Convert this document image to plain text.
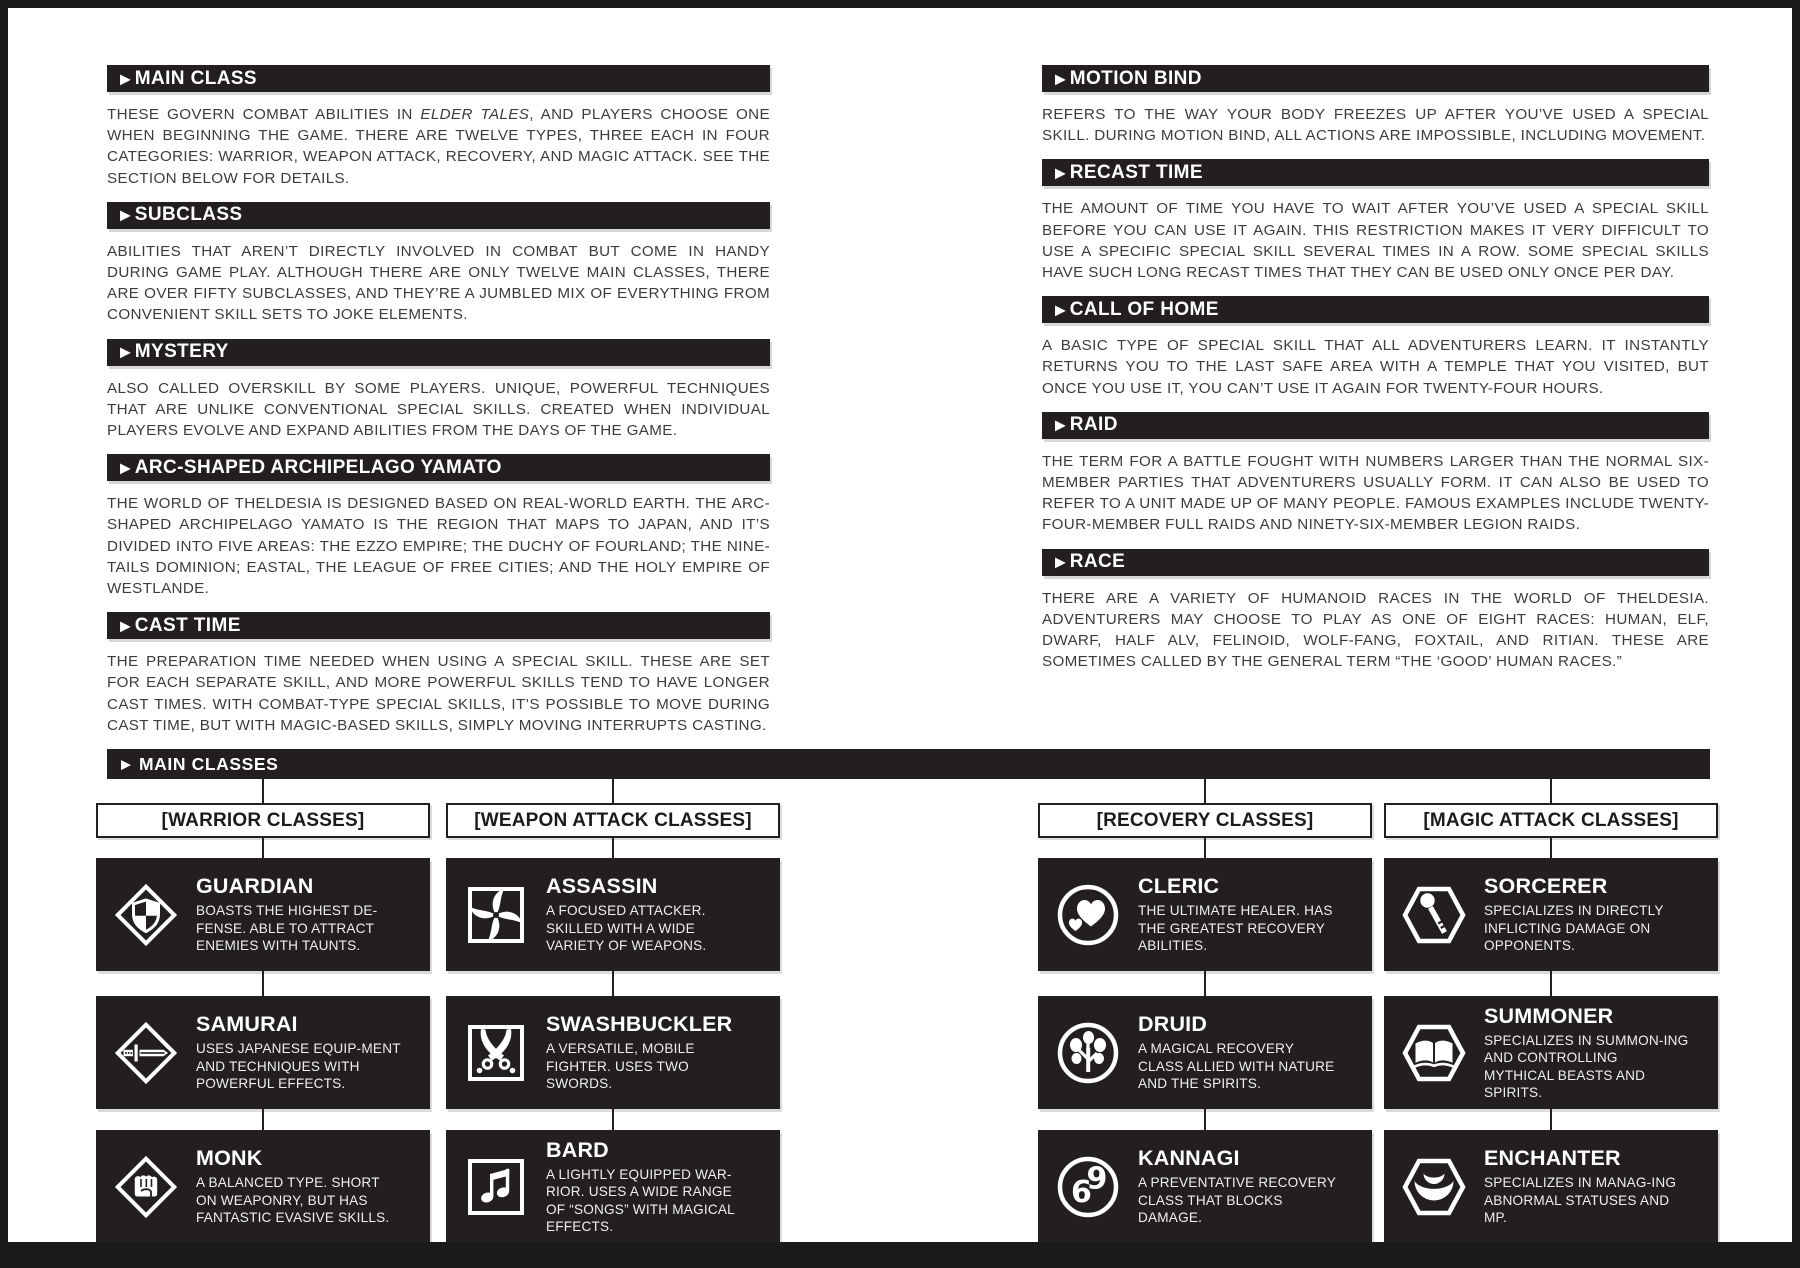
▶ MAIN CLASS

THESE GOVERN COMBAT ABILITIES IN ELDER TALES, AND PLAYERS CHOOSE ONE WHEN BEGINNING THE GAME. THERE ARE TWELVE TYPES, THREE EACH IN FOUR CATEGORIES: WARRIOR, WEAPON ATTACK, RECOVERY, AND MAGIC ATTACK. SEE THE SECTION BELOW FOR DETAILS.

▶ SUBCLASS

ABILITIES THAT AREN’T DIRECTLY INVOLVED IN COMBAT BUT COME IN HANDY DURING GAME PLAY. ALTHOUGH THERE ARE ONLY TWELVE MAIN CLASSES, THERE ARE OVER FIFTY SUBCLASSES, AND THEY’RE A JUMBLED MIX OF EVERYTHING FROM CONVENIENT SKILL SETS TO JOKE ELEMENTS.

▶ MYSTERY

ALSO CALLED OVERSKILL BY SOME PLAYERS. UNIQUE, POWERFUL TECHNIQUES THAT ARE UNLIKE CONVENTIONAL SPECIAL SKILLS. CREATED WHEN INDIVIDUAL PLAYERS EVOLVE AND EXPAND ABILITIES FROM THE DAYS OF THE GAME.

▶ ARC-SHAPED ARCHIPELAGO YAMATO

THE WORLD OF THELDESIA IS DESIGNED BASED ON REAL-WORLD EARTH. THE ARC-SHAPED ARCHIPELAGO YAMATO IS THE REGION THAT MAPS TO JAPAN, AND IT’S DIVIDED INTO FIVE AREAS: THE EZZO EMPIRE; THE DUCHY OF FOURLAND; THE NINE-TAILS DOMINION; EASTAL, THE LEAGUE OF FREE CITIES; AND THE HOLY EMPIRE OF WESTLANDE.

▶ CAST TIME

THE PREPARATION TIME NEEDED WHEN USING A SPECIAL SKILL. THESE ARE SET FOR EACH SEPARATE SKILL, AND MORE POWERFUL SKILLS TEND TO HAVE LONGER CAST TIMES. WITH COMBAT-TYPE SPECIAL SKILLS, IT’S POSSIBLE TO MOVE DURING CAST TIME, BUT WITH MAGIC-BASED SKILLS, SIMPLY MOVING INTERRUPTS CASTING.

▶ MOTION BIND

REFERS TO THE WAY YOUR BODY FREEZES UP AFTER YOU’VE USED A SPECIAL SKILL. DURING MOTION BIND, ALL ACTIONS ARE IMPOSSIBLE, INCLUDING MOVEMENT.

▶ RECAST TIME

THE AMOUNT OF TIME YOU HAVE TO WAIT AFTER YOU’VE USED A SPECIAL SKILL BEFORE YOU CAN USE IT AGAIN. THIS RESTRICTION MAKES IT VERY DIFFICULT TO USE A SPECIFIC SPECIAL SKILL SEVERAL TIMES IN A ROW. SOME SPECIAL SKILLS HAVE SUCH LONG RECAST TIMES THAT THEY CAN BE USED ONLY ONCE PER DAY.

▶ CALL OF HOME

A BASIC TYPE OF SPECIAL SKILL THAT ALL ADVENTURERS LEARN. IT INSTANTLY RETURNS YOU TO THE LAST SAFE AREA WITH A TEMPLE THAT YOU VISITED, BUT ONCE YOU USE IT, YOU CAN’T USE IT AGAIN FOR TWENTY-FOUR HOURS.

▶ RAID

THE TERM FOR A BATTLE FOUGHT WITH NUMBERS LARGER THAN THE NORMAL SIX-MEMBER PARTIES THAT ADVENTURERS USUALLY FORM. IT CAN ALSO BE USED TO REFER TO A UNIT MADE UP OF MANY PEOPLE. FAMOUS EXAMPLES INCLUDE TWENTY-FOUR-MEMBER FULL RAIDS AND NINETY-SIX-MEMBER LEGION RAIDS.

▶ RACE

THERE ARE A VARIETY OF HUMANOID RACES IN THE WORLD OF THELDESIA. ADVENTURERS MAY CHOOSE TO PLAY AS ONE OF EIGHT RACES: HUMAN, ELF, DWARF, HALF ALV, FELINOID, WOLF-FANG, FOXTAIL, AND RITIAN. THESE ARE SOMETIMES CALLED BY THE GENERAL TERM “THE ‘GOOD’ HUMAN RACES.”

▶ MAIN CLASSES
[WARRIOR CLASSES]
GUARDIAN
BOASTS THE HIGHEST DE-FENSE. ABLE TO ATTRACT ENEMIES WITH TAUNTS.
SAMURAI
USES JAPANESE EQUIP-MENT AND TECHNIQUES WITH POWERFUL EFFECTS.
MONK
A BALANCED TYPE. SHORT ON WEAPONRY, BUT HAS FANTASTIC EVASIVE SKILLS.
[WEAPON ATTACK CLASSES]
ASSASSIN
A FOCUSED ATTACKER. SKILLED WITH A WIDE VARIETY OF WEAPONS.
SWASHBUCKLER
A VERSATILE, MOBILE FIGHTER. USES TWO SWORDS.
BARD
A LIGHTLY EQUIPPED WAR-RIOR. USES A WIDE RANGE OF “SONGS” WITH MAGICAL EFFECTS.
[RECOVERY CLASSES]
CLERIC
THE ULTIMATE HEALER. HAS THE GREATEST RECOVERY ABILITIES.
DRUID
A MAGICAL RECOVERY CLASS ALLIED WITH NATURE AND THE SPIRITS.
6
9
KANNAGI
A PREVENTATIVE RECOVERY CLASS THAT BLOCKS DAMAGE.
[MAGIC ATTACK CLASSES]
SORCERER
SPECIALIZES IN DIRECTLY INFLICTING DAMAGE ON OPPONENTS.
SUMMONER
SPECIALIZES IN SUMMON-ING AND CONTROLLING MYTHICAL BEASTS AND SPIRITS.
ENCHANTER
SPECIALIZES IN MANAG-ING ABNORMAL STATUSES AND MP.
